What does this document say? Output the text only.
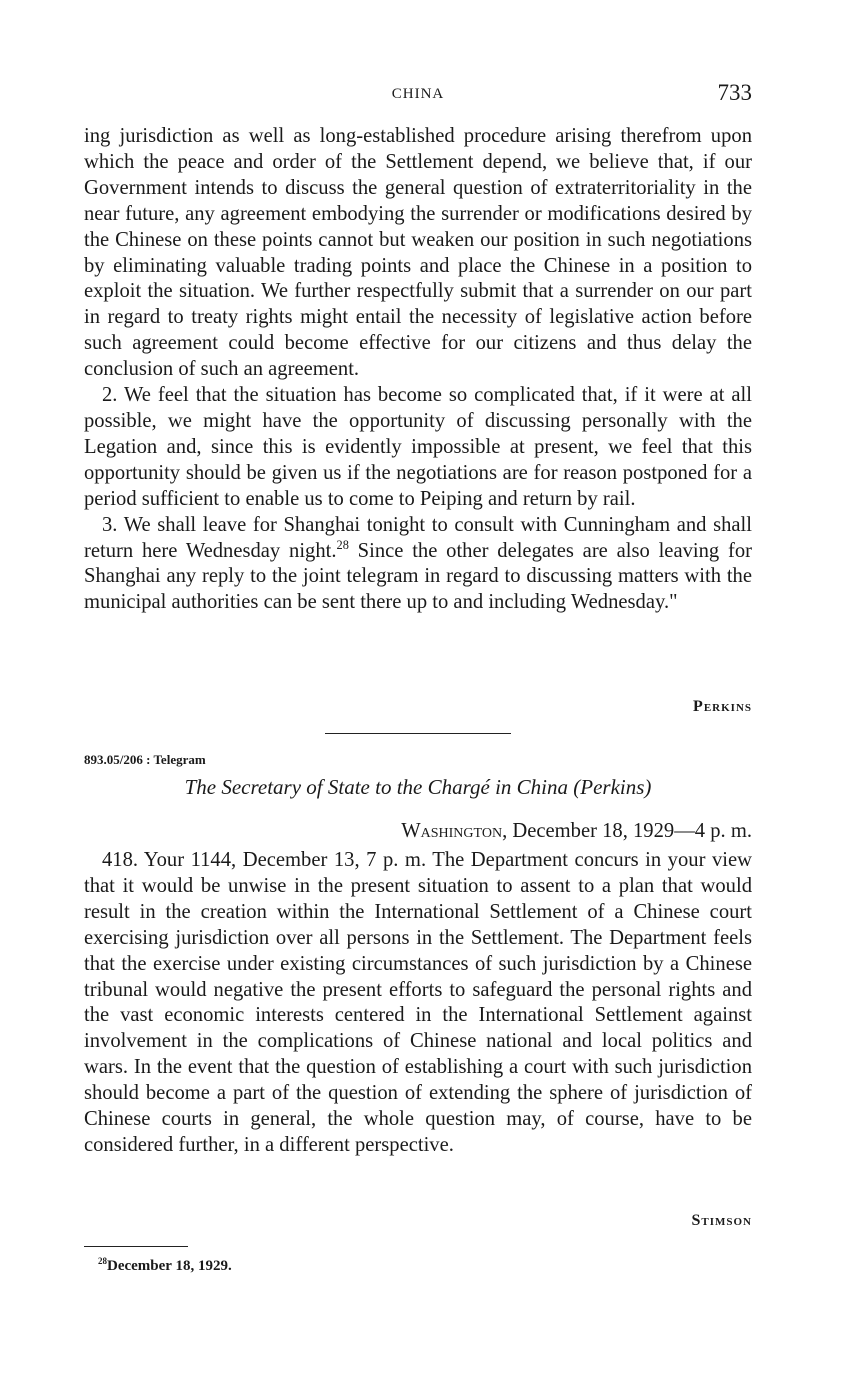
CHINA	733

ing jurisdiction as well as long-established procedure arising therefrom upon which the peace and order of the Settlement depend, we believe that, if our Government intends to discuss the general question of extraterritoriality in the near future, any agreement embodying the surrender or modifications desired by the Chinese on these points cannot but weaken our position in such negotiations by eliminating valuable trading points and place the Chinese in a position to exploit the situation. We further respectfully submit that a surrender on our part in regard to treaty rights might entail the necessity of legislative action before such agreement could become effective for our citizens and thus delay the conclusion of such an agreement.

2. We feel that the situation has become so complicated that, if it were at all possible, we might have the opportunity of discussing personally with the Legation and, since this is evidently impossible at present, we feel that this opportunity should be given us if the negotiations are for reason postponed for a period sufficient to enable us to come to Peiping and return by rail.

3. We shall leave for Shanghai tonight to consult with Cunningham and shall return here Wednesday night.$^{28}$ Since the other delegates are also leaving for Shanghai any reply to the joint telegram in regard to discussing matters with the municipal authorities can be sent there up to and including Wednesday."

Perkins
893.05/206 : Telegram
The Secretary of State to the Chargé in China (Perkins)
Washington, December 18, 1929—4 p. m.

418. Your 1144, December 13, 7 p. m. The Department concurs in your view that it would be unwise in the present situation to assent to a plan that would result in the creation within the International Settlement of a Chinese court exercising jurisdiction over all persons in the Settlement. The Department feels that the exercise under existing circumstances of such jurisdiction by a Chinese tribunal would negative the present efforts to safeguard the personal rights and the vast economic interests centered in the International Settlement against involvement in the complications of Chinese national and local politics and wars. In the event that the question of establishing a court with such jurisdiction should become a part of the question of extending the sphere of jurisdiction of Chinese courts in general, the whole question may, of course, have to be considered further, in a different perspective.

Stimson
$^{28}$December 18, 1929.
